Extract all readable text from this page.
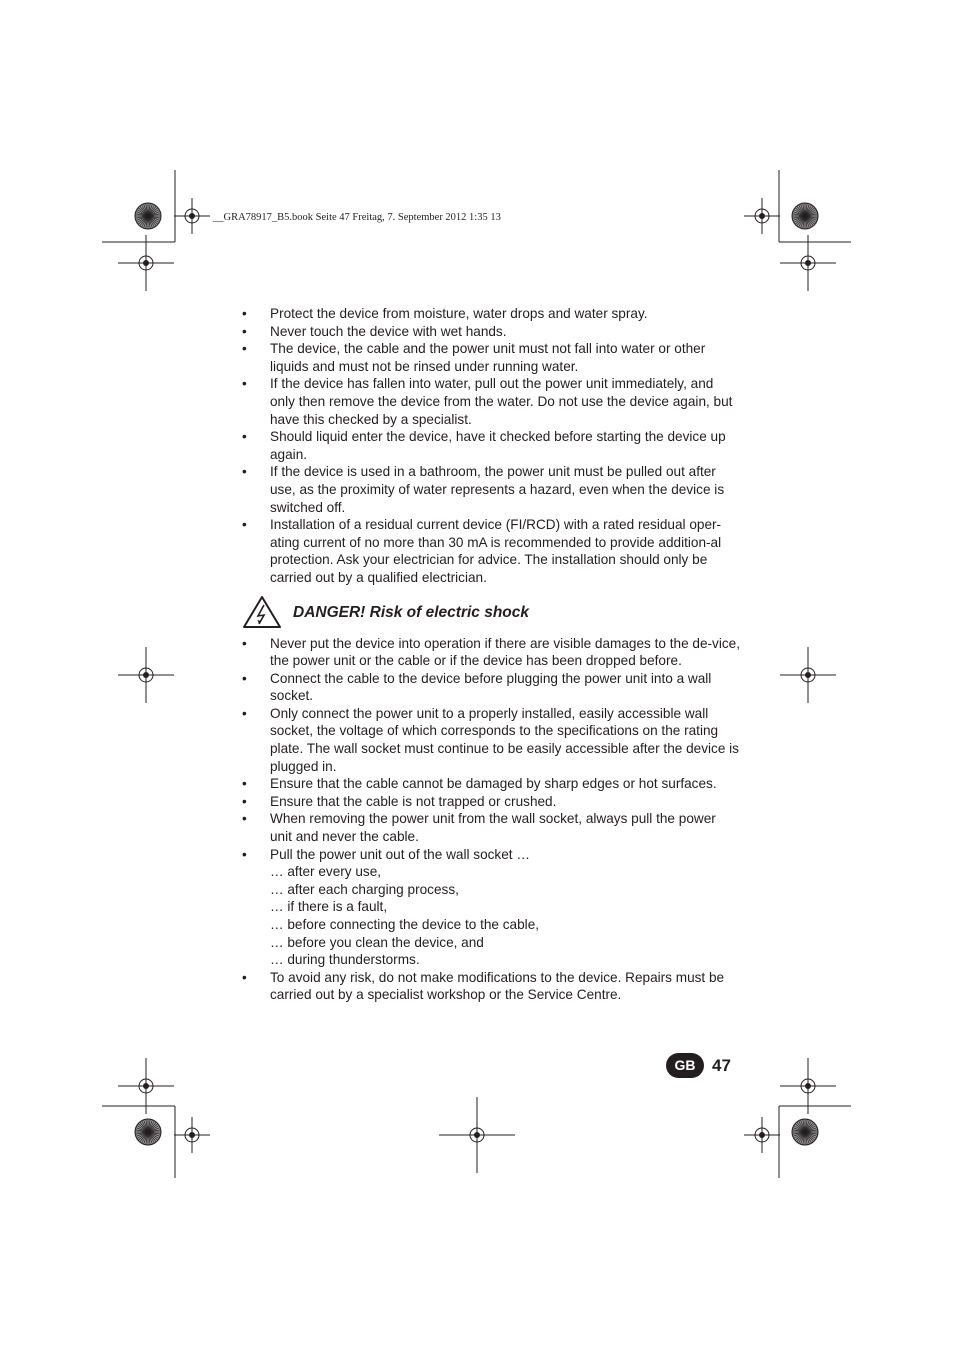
__GRA78917_B5.book Seite 47 Freitag, 7. September 2012 1:35 13
• Protect the device from moisture, water drops and water spray.
• Never touch the device with wet hands.
• The device, the cable and the power unit must not fall into water or other liquids and must not be rinsed under running water.
• If the device has fallen into water, pull out the power unit immediately, and only then remove the device from the water. Do not use the device again, but have this checked by a specialist.
• Should liquid enter the device, have it checked before starting the device up again.
• If the device is used in a bathroom, the power unit must be pulled out after use, as the proximity of water represents a hazard, even when the device is switched off.
• Installation of a residual current device (FI/RCD) with a rated residual oper-ating current of no more than 30 mA is recommended to provide addition-al protection. Ask your electrician for advice. The installation should only be carried out by a qualified electrician.
DANGER! Risk of electric shock
• Never put the device into operation if there are visible damages to the de-vice, the power unit or the cable or if the device has been dropped before.
• Connect the cable to the device before plugging the power unit into a wall socket.
• Only connect the power unit to a properly installed, easily accessible wall socket, the voltage of which corresponds to the specifications on the rating plate. The wall socket must continue to be easily accessible after the device is plugged in.
• Ensure that the cable cannot be damaged by sharp edges or hot surfaces.
• Ensure that the cable is not trapped or crushed.
• When removing the power unit from the wall socket, always pull the power unit and never the cable.
• Pull the power unit out of the wall socket …
… after every use,
… after each charging process,
… if there is a fault,
… before connecting the device to the cable,
… before you clean the device, and
… during thunderstorms.
• To avoid any risk, do not make modifications to the device. Repairs must be carried out by a specialist workshop or the Service Centre.
GB 47
